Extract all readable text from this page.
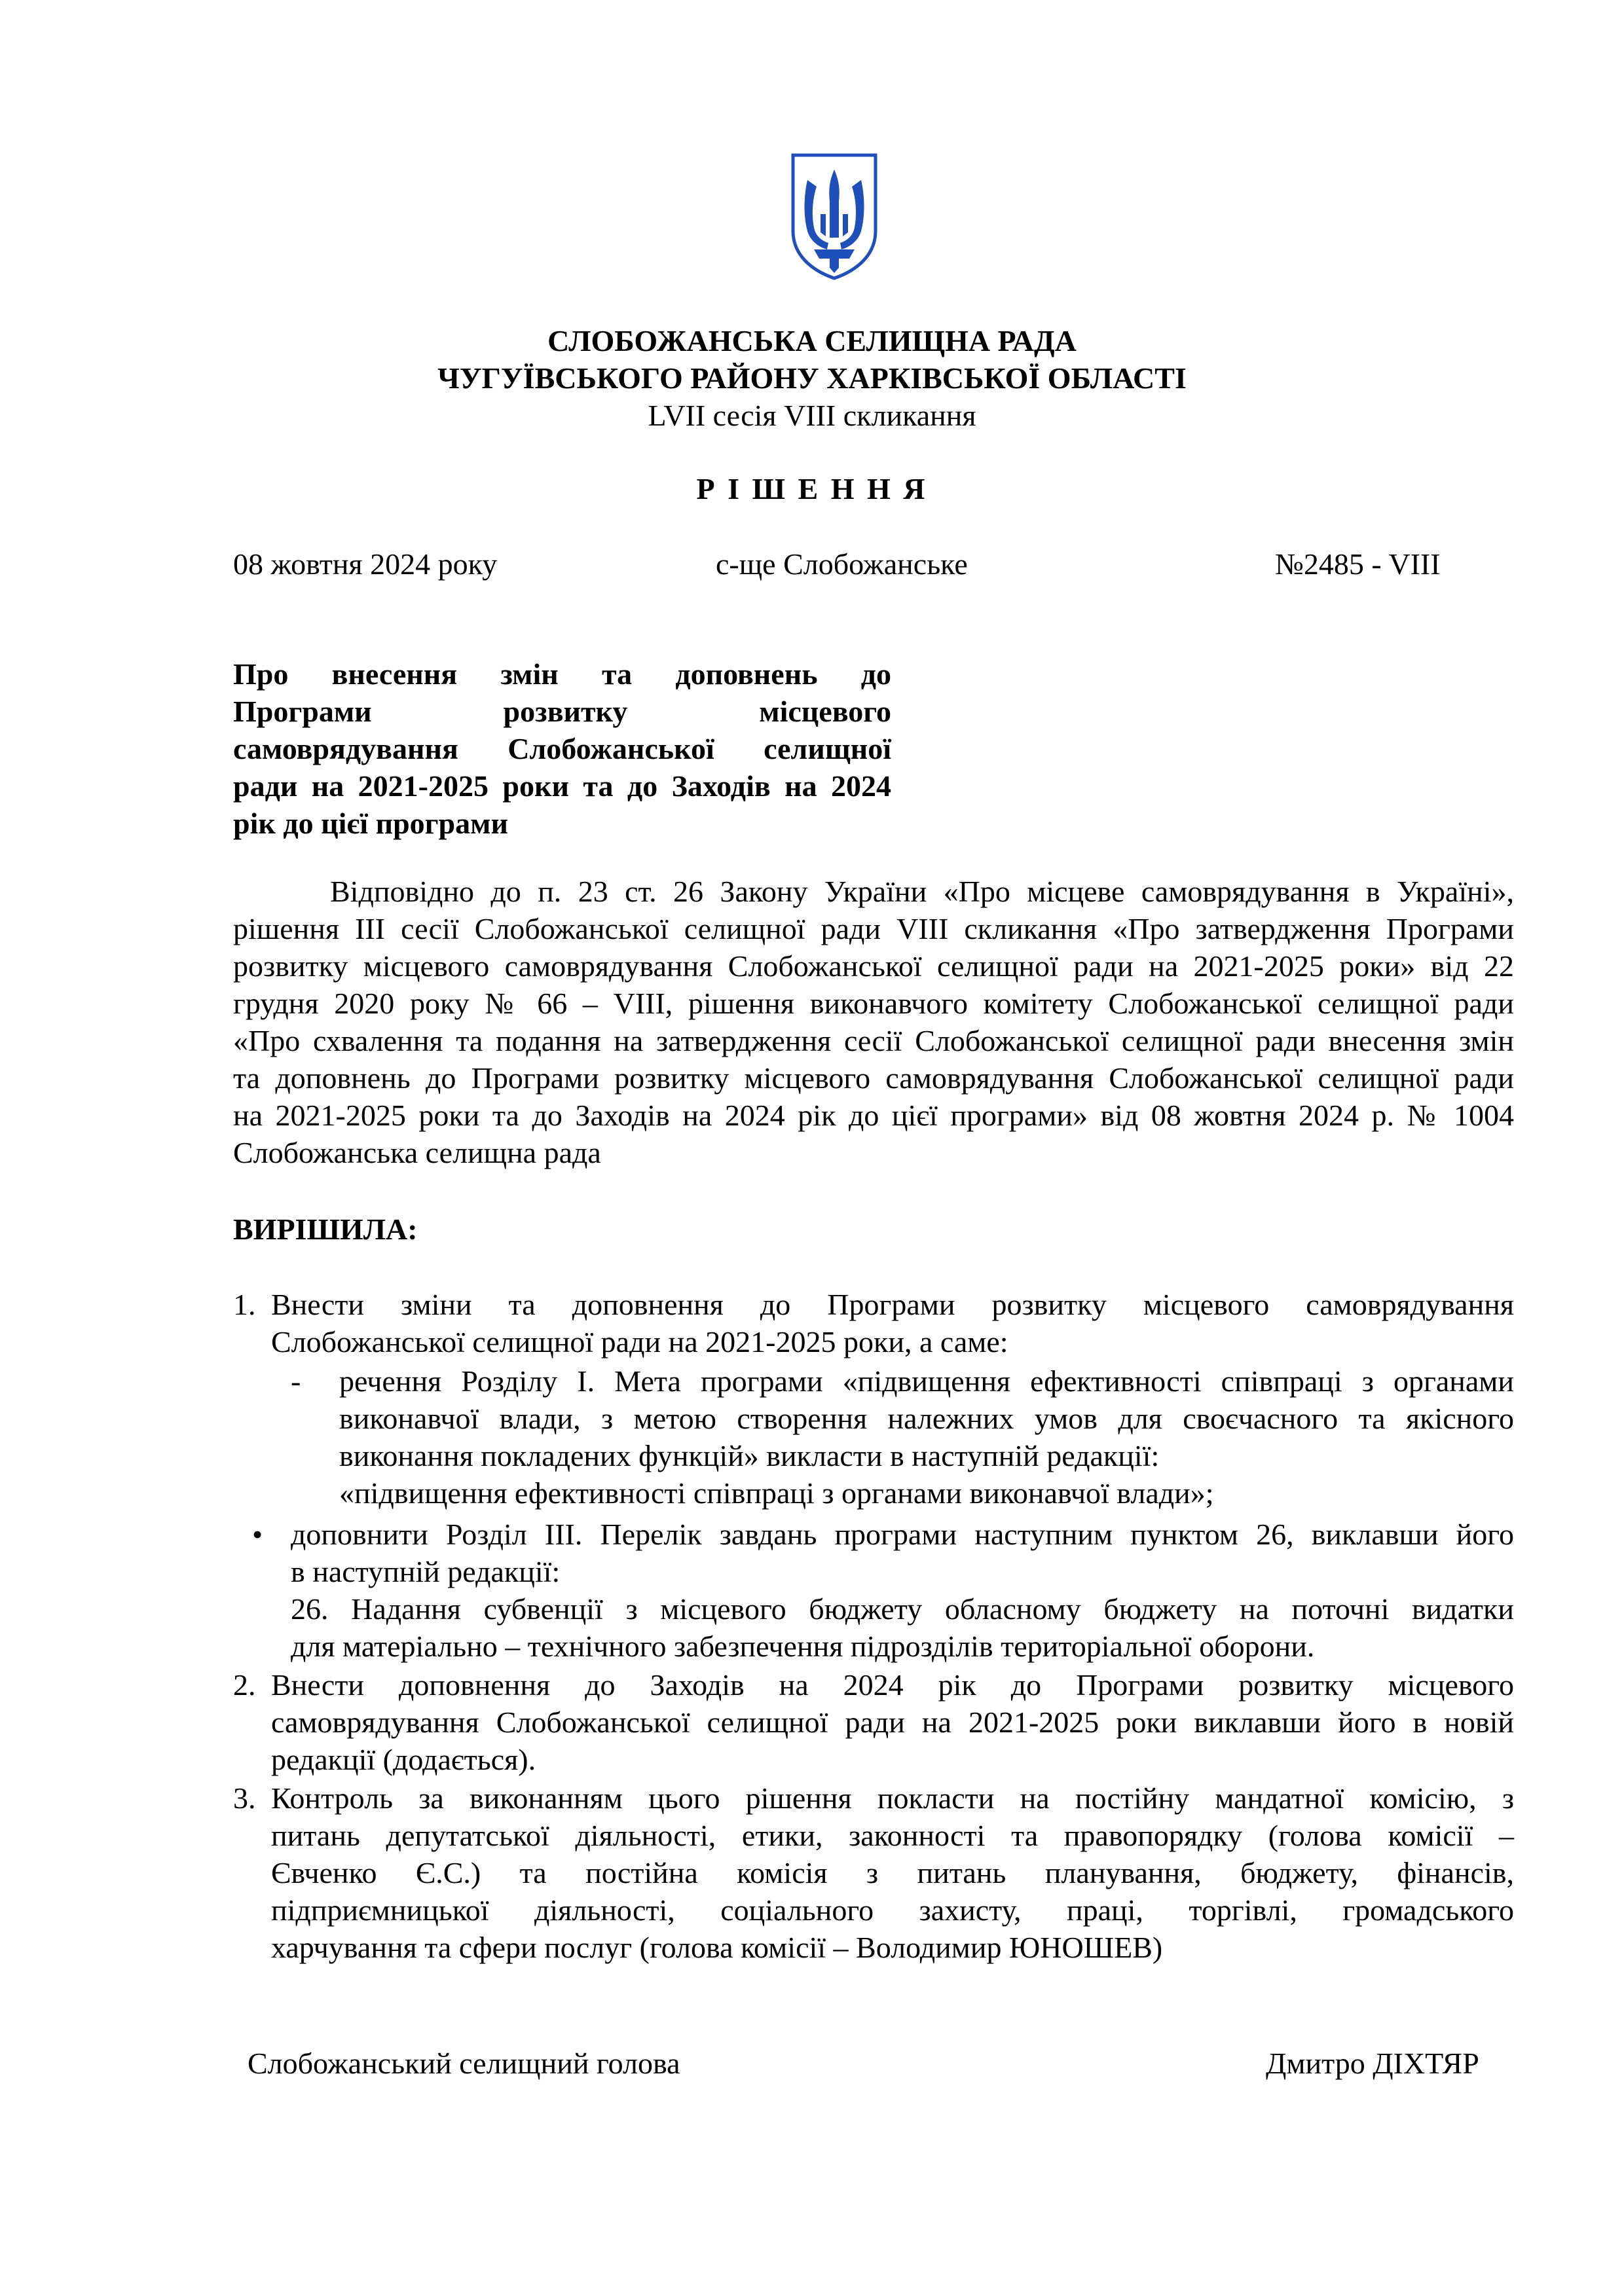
СЛОБОЖАНСЬКА СЕЛИЩНА РАДА
ЧУГУЇВСЬКОГО РАЙОНУ ХАРКІВСЬКОЇ ОБЛАСТІ
LVII сесія VIII скликання
Р І Ш Е Н Н Я
08 жовтня 2024 року	с-ще Слобожанське	№2485 - VIII
Про внесення змін та доповнень до
Програми розвитку місцевого
самоврядування Слобожанської селищної
ради на 2021-2025 роки та до Заходів на 2024
рік до цієї програми
Відповідно до п. 23 ст. 26 Закону України «Про місцеве самоврядування в Україні»,
рішення ІІІ сесії Слобожанської селищної ради VIII скликання «Про затвердження Програми
розвитку місцевого самоврядування Слобожанської селищної ради на 2021-2025 роки» від 22
грудня 2020 року № 66 – VIII, рішення виконавчого комітету Слобожанської селищної ради
«Про схвалення та подання на затвердження сесії Слобожанської селищної ради внесення змін
та доповнень до Програми розвитку місцевого самоврядування Слобожанської селищної ради
на 2021-2025 роки та до Заходів на 2024 рік до цієї програми» від 08 жовтня 2024 р. № 1004
Слобожанська селищна рада
ВИРІШИЛА:
1. Внести зміни та доповнення до Програми розвитку місцевого самоврядування
Слобожанської селищної ради на 2021-2025 роки, а саме:
- речення Розділу І. Мета програми «підвищення ефективності співпраці з органами
виконавчої влади, з метою створення належних умов для своєчасного та якісного
виконання покладених функцій» викласти в наступній редакції:
«підвищення ефективності співпраці з органами виконавчої влади»;
• доповнити Розділ ІІІ. Перелік завдань програми наступним пунктом 26, виклавши його
в наступній редакції:
26. Надання субвенції з місцевого бюджету обласному бюджету на поточні видатки
для матеріально – технічного забезпечення підрозділів територіальної оборони.
2. Внести доповнення до Заходів на 2024 рік до Програми розвитку місцевого
самоврядування Слобожанської селищної ради на 2021-2025 роки виклавши його в новій
редакції (додається).
3. Контроль за виконанням цього рішення покласти на постійну мандатної комісію, з
питань депутатської діяльності, етики, законності та правопорядку (голова комісії –
Євченко Є.С.) та постійна комісія з питань планування, бюджету, фінансів,
підприємницької діяльності, соціального захисту, праці, торгівлі, громадського
харчування та сфери послуг (голова комісії – Володимир ЮНОШЕВ)
Слобожанський селищний голова	Дмитро ДІХТЯР
